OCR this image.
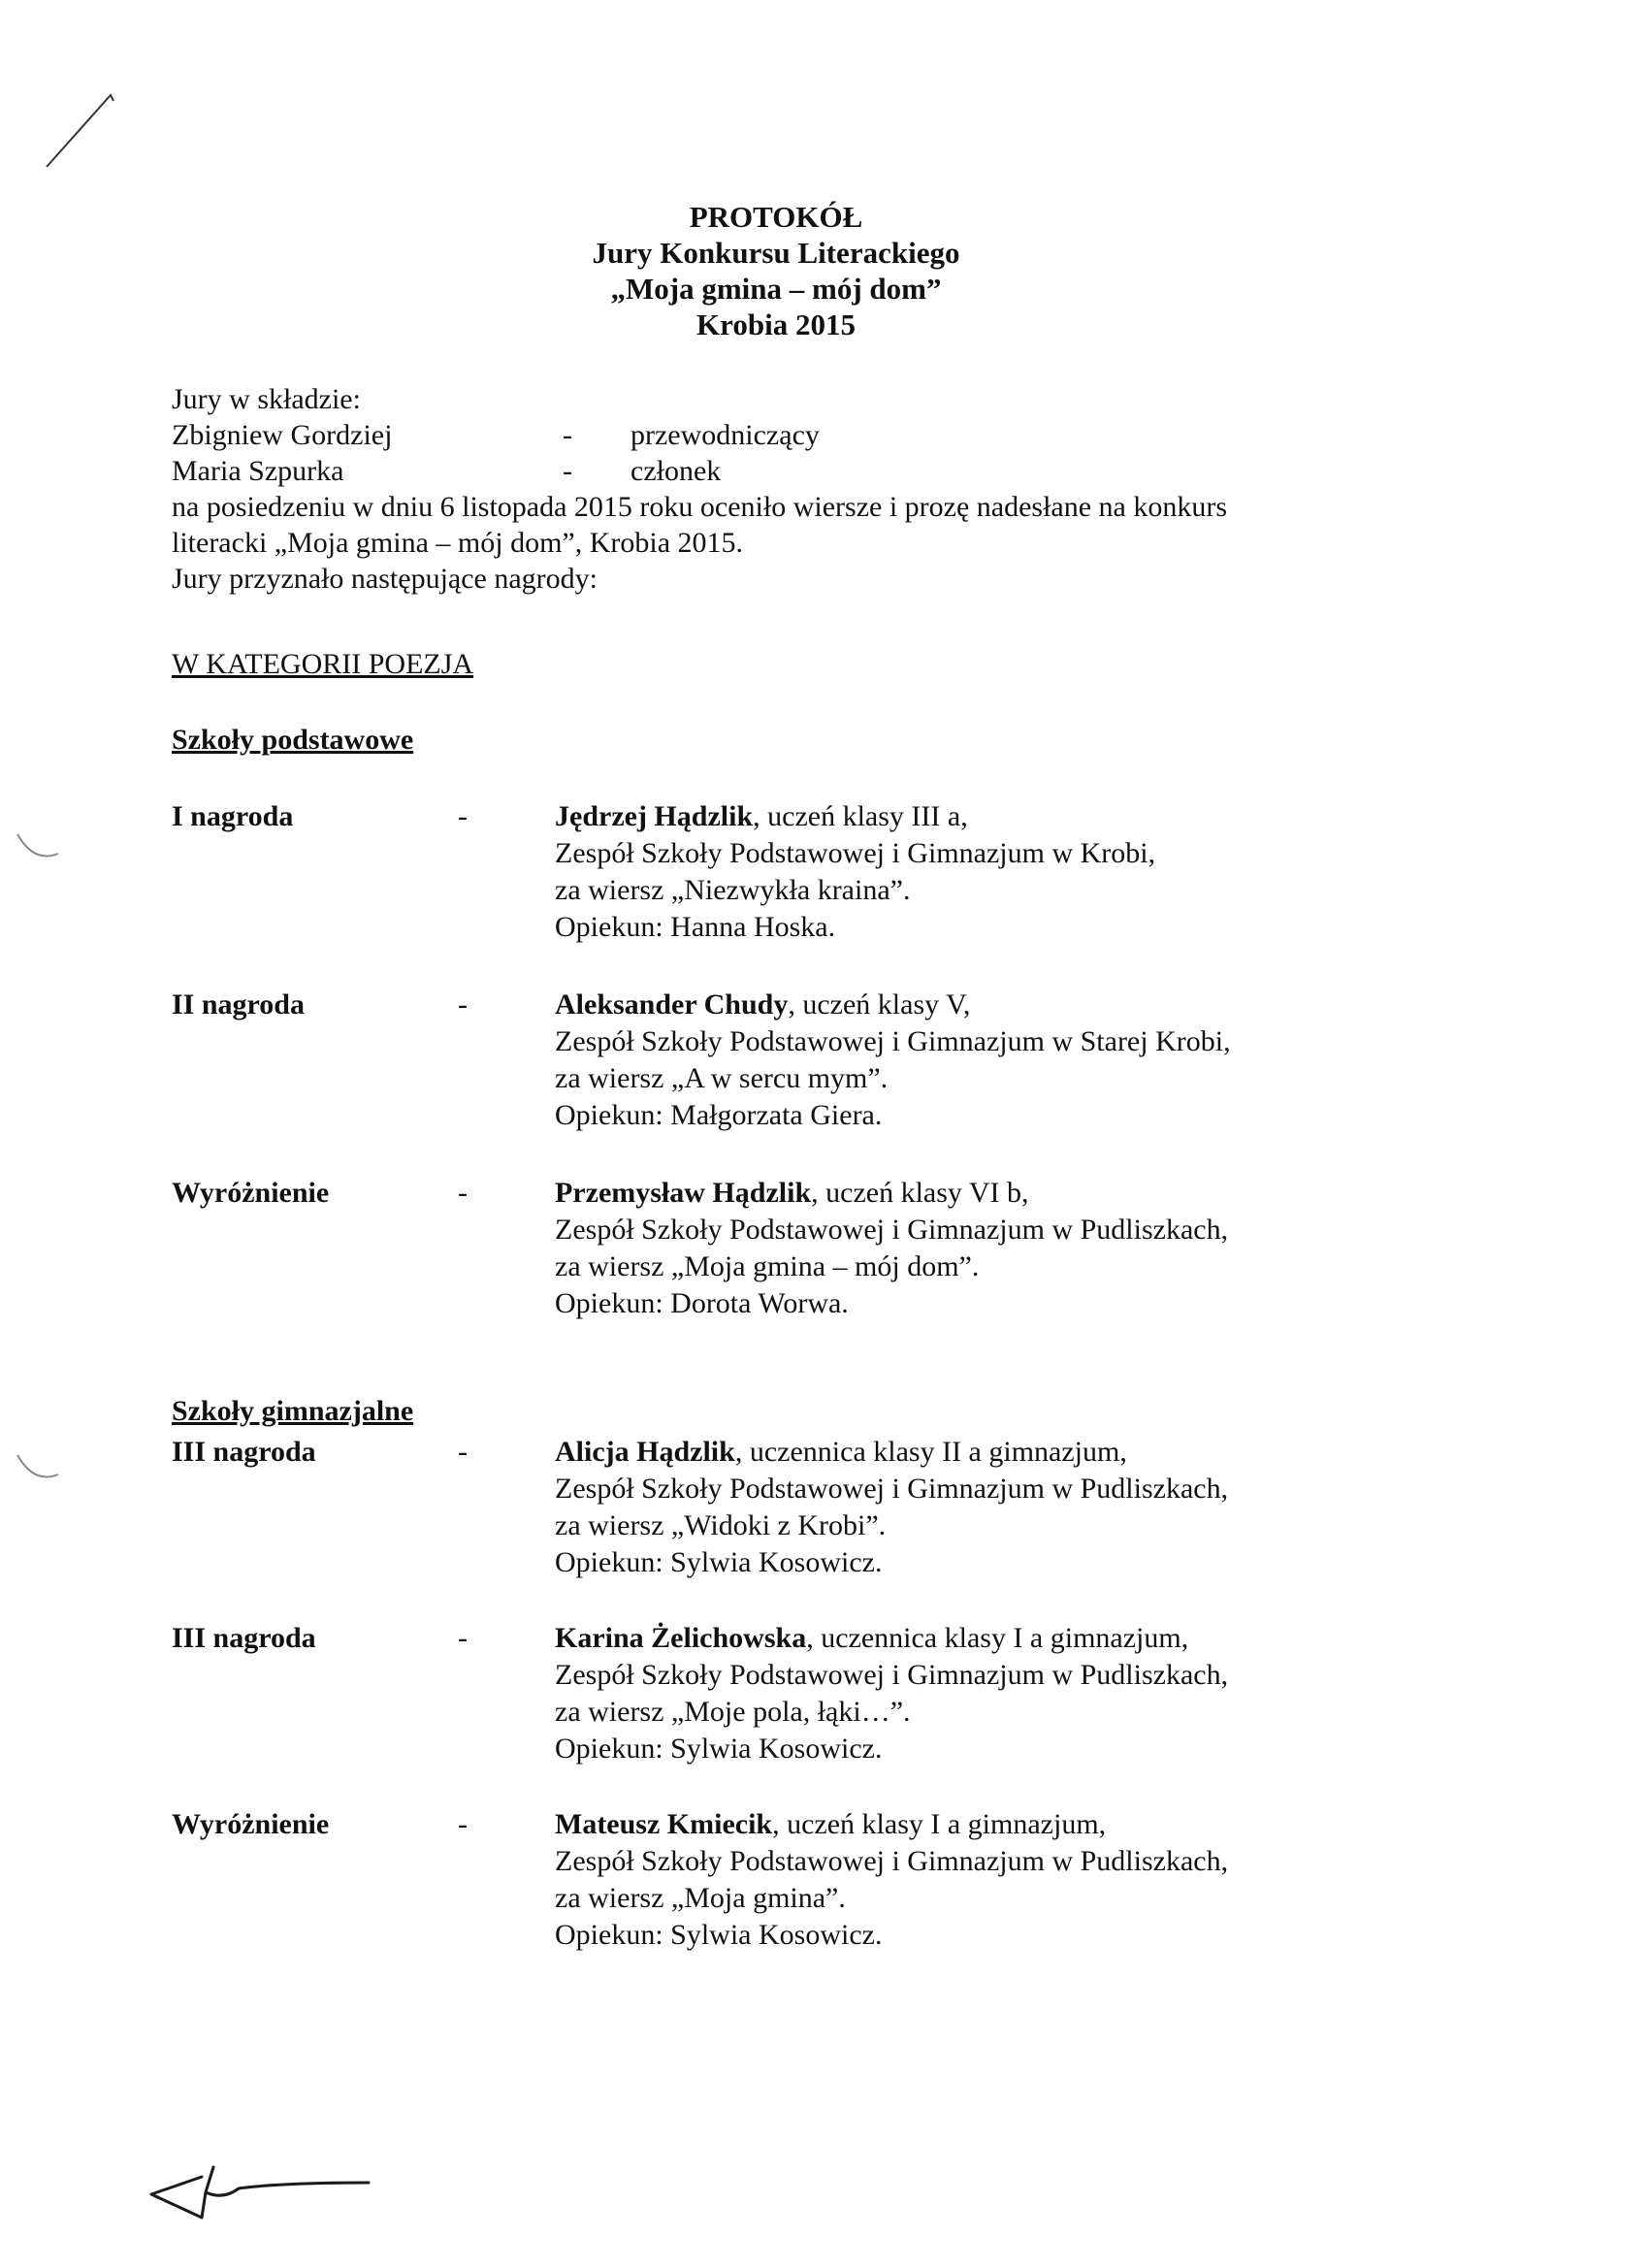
PROTOKÓŁ
Jury Konkursu Literackiego
„Moja gmina – mój dom”
Krobia 2015
Jury w składzie:
Zbigniew Gordziej	- przewodniczący
Maria Szpurka	- członek
na posiedzeniu w dniu 6 listopada 2015 roku oceniło wiersze i prozę nadesłane na konkurs
literacki „Moja gmina – mój dom”, Krobia 2015.
Jury przyznało następujące nagrody:
W KATEGORII POEZJA
Szkoły podstawowe
I nagroda	-	Jędrzej Hądzlik, uczeń klasy III a,
Zespół Szkoły Podstawowej i Gimnazjum w Krobi,
za wiersz „Niezwykła kraina”.
Opiekun: Hanna Hoska.
II nagroda	-	Aleksander Chudy, uczeń klasy V,
Zespół Szkoły Podstawowej i Gimnazjum w Starej Krobi,
za wiersz „A w sercu mym”.
Opiekun: Małgorzata Giera.
Wyróżnienie	-	Przemysław Hądzlik, uczeń klasy VI b,
Zespół Szkoły Podstawowej i Gimnazjum w Pudliszkach,
za wiersz „Moja gmina – mój dom”.
Opiekun: Dorota Worwa.
Szkoły gimnazjalne
III nagroda	-	Alicja Hądzlik, uczennica klasy II a gimnazjum,
Zespół Szkoły Podstawowej i Gimnazjum w Pudliszkach,
za wiersz „Widoki z Krobi”.
Opiekun: Sylwia Kosowicz.
III nagroda	-	Karina Żelichowska, uczennica klasy I a gimnazjum,
Zespół Szkoły Podstawowej i Gimnazjum w Pudliszkach,
za wiersz „Moje pola, łąki…”.
Opiekun: Sylwia Kosowicz.
Wyróżnienie	-	Mateusz Kmiecik, uczeń klasy I a gimnazjum,
Zespół Szkoły Podstawowej i Gimnazjum w Pudliszkach,
za wiersz „Moja gmina”.
Opiekun: Sylwia Kosowicz.
